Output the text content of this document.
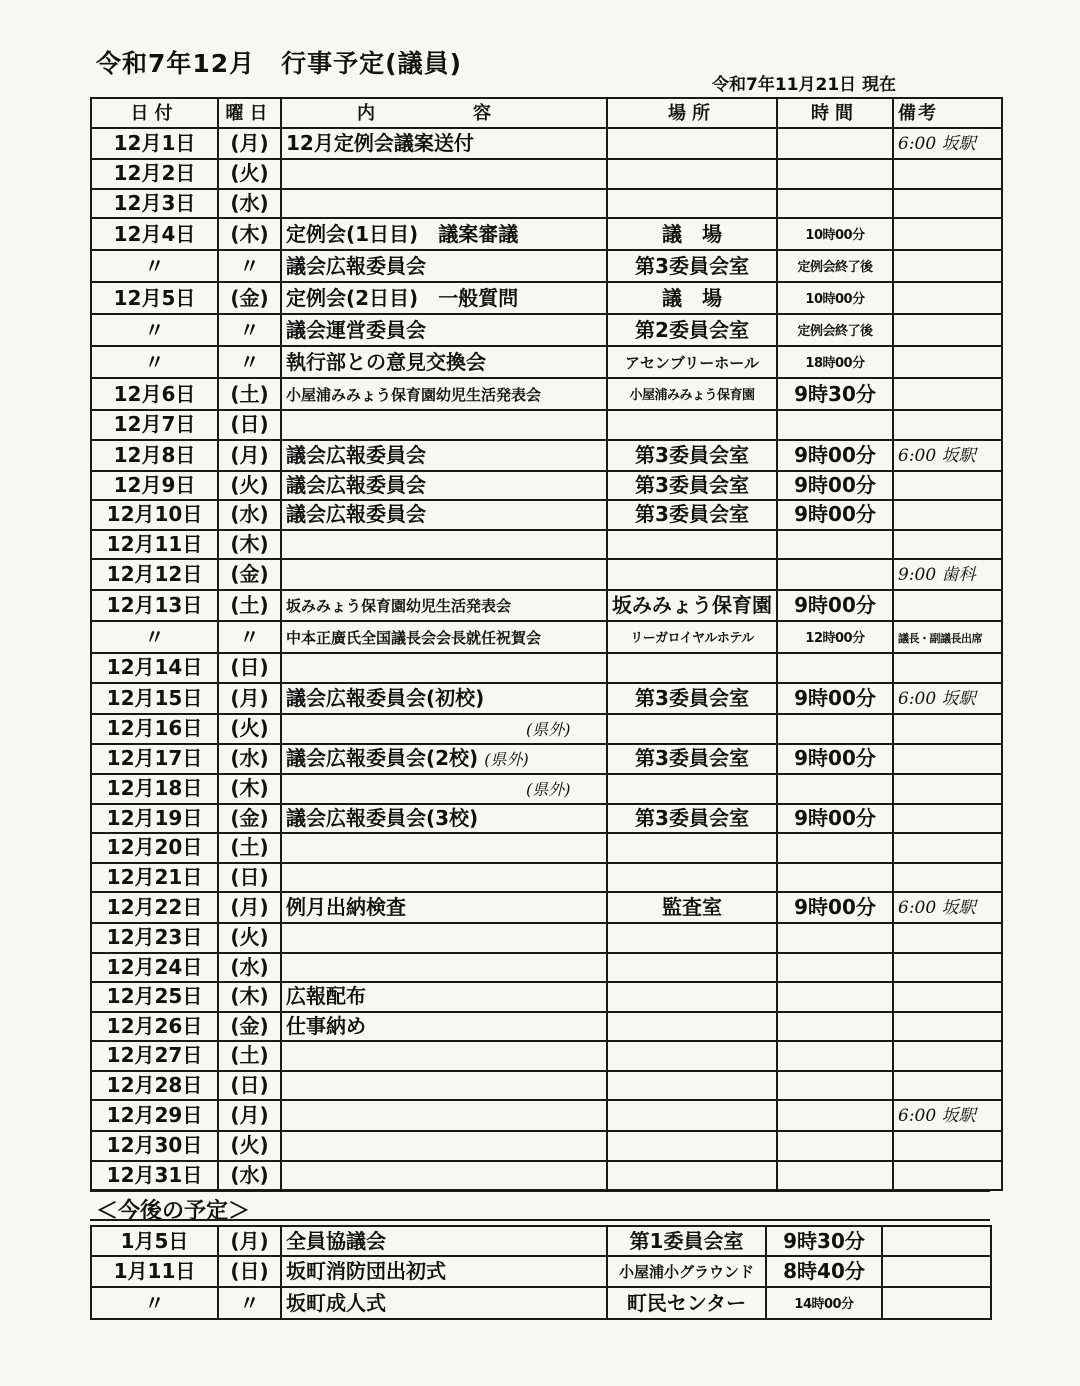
令和7年12月　行事予定(議員)
令和7年11月21日 現在
日付	曜日	内　容	場所	時間	備考
12月1日	(月)	12月定例会議案送付			6:00 坂駅
12月2日	(火)				
12月3日	(水)				
12月4日	(木)	定例会(1日目)　議案審議	議　場	10時00分	
〃	〃	議会広報委員会	第3委員会室	定例会終了後	
12月5日	(金)	定例会(2日目)　一般質問	議　場	10時00分	
〃	〃	議会運営委員会	第2委員会室	定例会終了後	
〃	〃	執行部との意見交換会	アセンブリーホール	18時00分	
12月6日	(土)	小屋浦みみょう保育園幼児生活発表会	小屋浦みみょう保育園	9時30分	
12月7日	(日)				
12月8日	(月)	議会広報委員会	第3委員会室	9時00分	6:00 坂駅
12月9日	(火)	議会広報委員会	第3委員会室	9時00分	
12月10日	(水)	議会広報委員会	第3委員会室	9時00分	
12月11日	(木)				
12月12日	(金)				9:00 歯科
12月13日	(土)	坂みみょう保育園幼児生活発表会	坂みみょう保育園	9時00分	
〃	〃	中本正廣氏全国議長会会長就任祝賀会	リーガロイヤルホテル	12時00分	議長・副議長出席
12月14日	(日)				
12月15日	(月)	議会広報委員会(初校)	第3委員会室	9時00分	6:00 坂駅
12月16日	(火)	(県外)			
12月17日	(水)	議会広報委員会(2校) (県外)	第3委員会室	9時00分	
12月18日	(木)	(県外)			
12月19日	(金)	議会広報委員会(3校)	第3委員会室	9時00分	
12月20日	(土)				
12月21日	(日)				
12月22日	(月)	例月出納検査	監査室	9時00分	6:00 坂駅
12月23日	(火)				
12月24日	(水)				
12月25日	(木)	広報配布			
12月26日	(金)	仕事納め			
12月27日	(土)				
12月28日	(日)				
12月29日	(月)				6:00 坂駅
12月30日	(火)				
12月31日	(水)				
＜今後の予定＞
1月5日	(月)	全員協議会	第1委員会室	9時30分	
1月11日	(日)	坂町消防団出初式	小屋浦小グラウンド	8時40分	
〃	〃	坂町成人式	町民センター	14時00分	
